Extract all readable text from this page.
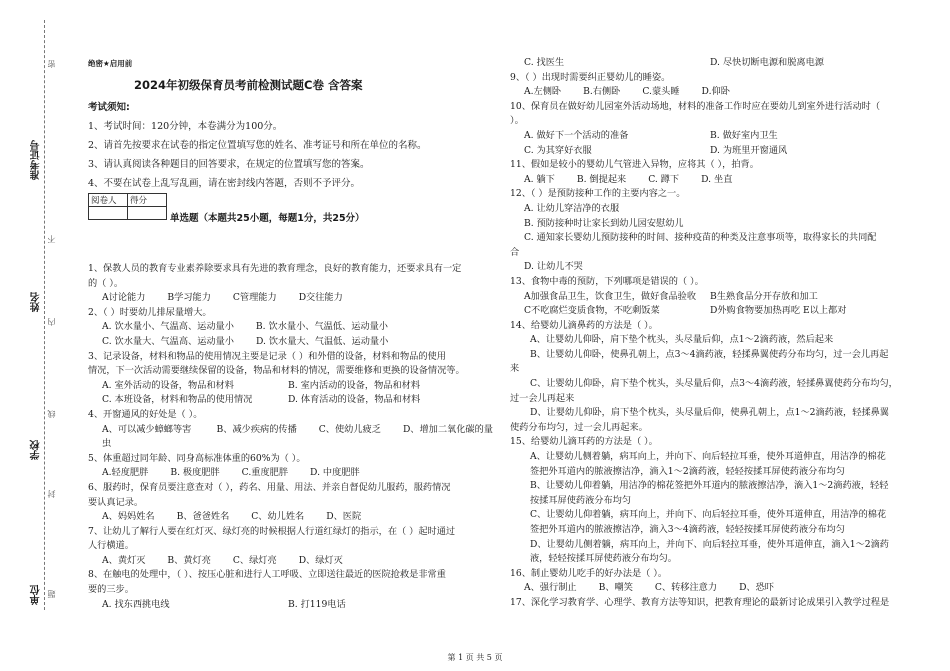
准考证号
姓名
学校
单位
密
不
内
线
封
题
绝密★启用前
2024年初级保育员考前检测试题C卷 含答案
考试须知:
1、考试时间：120分钟，本卷满分为100分。
2、请首先按要求在试卷的指定位置填写您的姓名、准考证号和所在单位的名称。
3、请认真阅读各种题目的回答要求，在规定的位置填写您的答案。
4、不要在试卷上乱写乱画，请在密封线内答题，否则不予评分。
阅卷人	得分

单选题（本题共25小题，每题1分，共25分）

1、保教人员的教育专业素养除要求具有先进的教育理念，良好的教育能力，还要求具有一定

的（ ）。

A讨论能力 B学习能力 C管理能力 D交往能力

2、（ ）时要幼儿排尿量增大。

A. 饮水量小、气温高、运动量小 B. 饮水量小、气温低、运动量小
C. 饮水量大、气温高、运动量小 D. 饮水量大、气温低、运动量小

3、记录设备，材料和物品的使用情况主要是记录（ ）和外借的设备，材料和物品的使用

情况，下一次活动需要继续保留的设备，物品和材料的情况，需要维修和更换的设备情况等。

A. 室外活动的设备，物品和材料	B. 室内活动的设备，物品和材料
C. 本班设备，材料和物品的使用情况	D. 体育活动的设备，物品和材料

4、开窗通风的好处是（ ）。

A、可以减少蟑螂等害虫
B、减少疾病的传播 C、使幼儿疲乏 D、增加二氧化碳的量

5、体重超过同年龄、同身高标准体重的60%为（ ）。

A.轻度肥胖 B. 极度肥胖 C.重度肥胖 D. 中度肥胖

6、服药时，保育员要注意查对（ ），药名、用量、用法、并亲自督促幼儿服药，服药情况

要认真记录。

A、妈妈姓名 B、爸爸姓名 C、幼儿姓名 D、医院

7、让幼儿了解行人要在红灯灭、绿灯亮的时候根据人行道红绿灯的指示，在（ ）起时通过

人行横道。

A、黄灯灭 B、黄灯亮 C、绿灯亮 D、绿灯灭

8、在触电的处理中，（ ）、按压心脏和进行人工呼吸、立即送往最近的医院抢救是非常重

要的三步。

A. 找东西挑电线	B. 打119电话
C. 找医生	D. 尽快切断电源和脱离电源

9、（ ）出现时需要纠正婴幼儿的睡姿。

A.左侧卧 B.右侧卧 C.蒙头睡 D.仰卧

10、保育员在做好幼儿园室外活动场地，材料的准备工作时应在要幼儿到室外进行活动时（

）。

A. 做好下一个活动的准备	B. 做好室内卫生
C. 为其穿好衣服	D. 为班里开窗通风

11、假如是较小的婴幼儿气管进入异物，应将其（ ），拍背。

A. 躺下 B. 倒提起来 C. 蹲下 D. 坐直

12、（ ）是预防接种工作的主要内容之一。

A. 让幼儿穿洁净的衣服

B. 预防接种时让家长到幼儿园安慰幼儿

C. 通知家长婴幼儿预防接种的时间、接种疫苗的种类及注意事项等，取得家长的共同配

合

D. 让幼儿不哭

13、食物中毒的预防，下列哪项是错误的（ ）。

A加强食品卫生，饮食卫生，做好食品验收	B生熟食品分开存放和加工
C不吃腐烂变质食物，不吃剩饭菜	D外购食物要加热再吃 E以上都对

14、给婴幼儿滴鼻药的方法是（ ）。

A、让婴幼儿仰卧，肩下垫个枕头，头尽量后仰，点1～2滴药液，然后起来

B、让婴幼儿仰卧，使鼻孔朝上，点3～4滴药液，轻揉鼻翼使药分布均匀，过一会儿再起

来

C、让婴幼儿仰卧，肩下垫个枕头，头尽量后仰，点3～4滴药液，轻揉鼻翼使药分布均匀，

过一会儿再起来

D、让婴幼儿仰卧，肩下垫个枕头，头尽量后仰，使鼻孔朝上，点1～2滴药液，轻揉鼻翼

使药分布均匀，过一会儿再起来。

15、给婴幼儿滴耳药的方法是（ ）。

A、让婴幼儿侧着躺，病耳向上，并向下、向后轻拉耳垂，使外耳道伸直，用洁净的棉花

签把外耳道内的脓液擦洁净，滴入1～2滴药液，轻轻按揉耳屏使药液分布均匀

B、让婴幼儿仰着躺，用洁净的棉花签把外耳道内的脓液擦洁净，滴入1～2滴药液，轻轻

按揉耳屏使药液分布均匀

C、让婴幼儿仰着躺，病耳向上，并向下、向后轻拉耳垂，使外耳道伸直，用洁净的棉花

签把外耳道内的脓液擦洁净，滴入3～4滴药液，轻轻按揉耳屏使药液分布均匀

D、让婴幼儿侧着躺，病耳向上，并向下、向后轻拉耳垂，使外耳道伸直，滴入1～2滴药

液，轻轻按揉耳屏使药液分布均匀。

16、制止婴幼儿吃手的好办法是（ ）。

A、强行制止 B、嘲笑 C、转移注意力 D、恐吓

17、深化学习教育学、心理学、教育方法等知识，把教育理论的最新讨论成果引入教学过程是

第 1 页 共 5 页
